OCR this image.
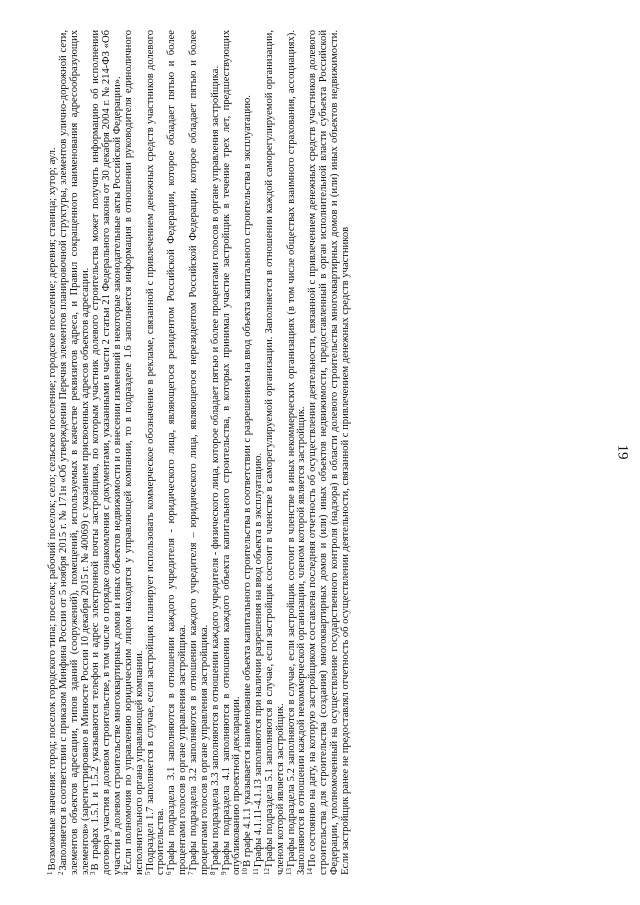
19

$^1$Возможные значения: город; поселок городского типа; поселок; рабочий поселок; село; сельское поселение; городское поселение; деревня; станица; хутор; аул.

$^2$Заполняется в соответствии с приказом Минфина России от 5 ноября 2015 г. № 171н «Об утверждении Перечня элементов планировочной структуры, элементов улично-дорожной сети, элементов объектов адресации, типов зданий (сооружений), помещений, используемых в качестве реквизитов адреса, и Правил сокращенного наименования адресообразующих элементов» (зарегистрировано в Минюсте России 10 декабря 2015 г. № 40069) с указанием присвоенных адресов объектов адресации.

$^3$В графах 1.5.1 и 1.5.2 указываются телефон и адрес электронной почты застройщика, по которым участник долевого строительства может получить информацию об исполнении договора участия в долевом строительстве, в том числе о порядке ознакомления с документами, указанными в части 2 статьи 21 Федерального закона от 30 декабря 2004 г. № 214-ФЗ «Об участии в долевом строительстве многоквартирных домов и иных объектов недвижимости и о внесении изменений в некоторые законодательные акты Российской Федерации».

$^4$Если полномочия по управлению юридическим лицом находятся у управляющей компании, то в подразделе 1.6 заполняется информация в отношении руководителя единоличного исполнительного органа управляющей компании.

$^5$Подраздел 1.7 заполняется в случае, если застройщик планирует использовать коммерческое обозначение в рекламе, связанной с привлечением денежных средств участников долевого строительства.

$^6$Графы подраздела 3.1 заполняются в отношении каждого учредителя - юридического лица, являющегося резидентом Российской Федерации, которое обладает пятью и более процентами голосов в органе управления застройщика.

$^7$Графы подраздела 3.2 заполняются в отношении каждого учредителя – юридического лица, являющегося нерезидентом Российской Федерации, которое обладает пятью и более процентами голосов в органе управления застройщика.

$^8$Графы подраздела 3.3 заполняются в отношении каждого учредителя - физического лица, которое обладает пятью и более процентами голосов в органе управления застройщика.

$^9$Графы подраздела 4.1 заполняются в отношении каждого объекта капитального строительства, в которых принимал участие застройщик в течение трех лет, предшествующих опубликованию проектной декларации.

$^{10}$В графе 4.1.1 указывается наименование объекта капитального строительства в соответствии с разрешением на ввод объекта капитального строительства в эксплуатацию.

$^{11}$Графы 4.1.11-4.1.13 заполняются при наличии разрешения на ввод объекта в эксплуатацию.

$^{12}$Графы подраздела 5.1 заполняются в случае, если застройщик состоит в членстве в саморегулируемой организации. Заполняется в отношении каждой саморегулируемой организации, членом которой является застройщик.

$^{13}$Графы подраздела 5.2 заполняются в случае, если застройщик состоит в членстве в иных некоммерческих организациях (в том числе обществах взаимного страхования, ассоциациях). Заполняются в отношении каждой некоммерческой организации, членом которой является застройщик.

$^{14}$По состоянию на дату, на которую застройщиком составлена последняя отчетность об осуществлении деятельности, связанной с привлечением денежных средств участников долевого строительства для строительства (создания) многоквартирных домов и (или) иных объектов недвижимости, предоставленный в орган исполнительной власти субъекта Российской Федерации, уполномоченный на осуществление государственного контроля (надзора) в области долевого строительства многоквартирных домов и (или) иных объектов недвижимости. Если застройщик ранее не предоставлял отчетность об осуществлении деятельности, связанной с привлечением денежных средств участников
